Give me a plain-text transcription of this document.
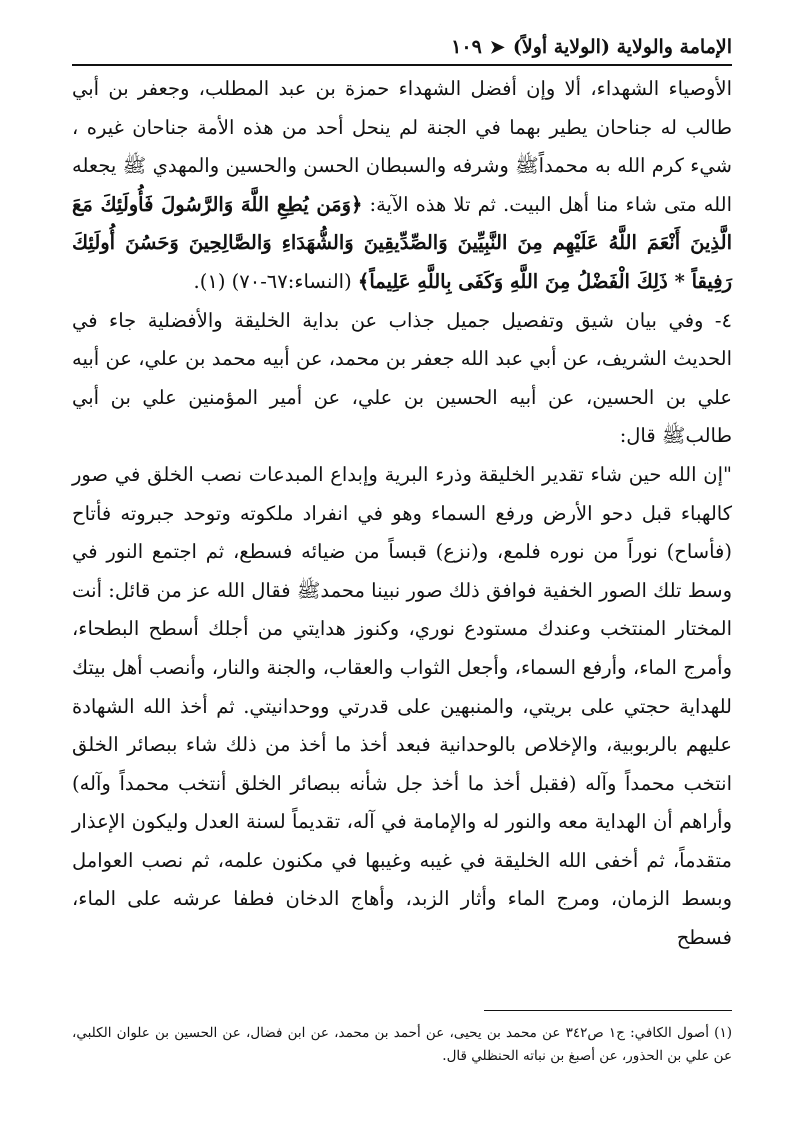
الإمامة والولاية (الولاية أولاً)
➤
١٠٩

الأوصياء الشهداء، ألا وإن أفضل الشهداء حمزة بن عبد المطلب، وجعفر بن أبي طالب له جناحان يطير بهما في الجنة لم ينحل أحد من هذه الأمة جناحان غيره ، شيء كرم الله به محمداًﷺ وشرفه والسبطان الحسن والحسين والمهدي ﷺ يجعله الله متى شاء منا أهل البيت. ثم تلا هذه الآية: ﴿وَمَن يُطِعِ اللَّهَ وَالرَّسُولَ فَأُولَئِكَ مَعَ الَّذِينَ أَنْعَمَ اللَّهُ عَلَيْهِم مِنَ النَّبِيِّينَ وَالصِّدِّيقِينَ وَالشُّهَدَاءِ وَالصَّالِحِينَ وَحَسُنَ أُولَئِكَ رَفِيقاً * ذَلِكَ الْفَضْلُ مِنَ اللَّهِ وَكَفَى بِاللَّهِ عَلِيماً﴾ (النساء:٦٧-٧٠) (١).

٤- وفي بيان شيق وتفصيل جميل جذاب عن بداية الخليقة والأفضلية جاء في الحديث الشريف، عن أبي عبد الله جعفر بن محمد، عن أبيه محمد بن علي، عن أبيه علي بن الحسين، عن أبيه الحسين بن علي، عن أمير المؤمنين علي بن أبي طالبﷺ قال:

"إن الله حين شاء تقدير الخليقة وذرء البرية وإبداع المبدعات نصب الخلق في صور كالهباء قبل دحو الأرض ورفع السماء وهو في انفراد ملكوته وتوحد جبروته فأتاح (فأساح) نوراً من نوره فلمع، و(نزع) قبساً من ضيائه فسطع، ثم اجتمع النور في وسط تلك الصور الخفية فوافق ذلك صور نبينا محمدﷺ فقال الله عز من قائل: أنت المختار المنتخب وعندك مستودع نوري، وكنوز هدايتي من أجلك أسطح البطحاء، وأمرج الماء، وأرفع السماء، وأجعل الثواب والعقاب، والجنة والنار، وأنصب أهل بيتك للهداية حجتي على بريتي، والمنبهين على قدرتي ووحدانيتي. ثم أخذ الله الشهادة عليهم بالربوبية، والإخلاص بالوحدانية فبعد أخذ ما أخذ من ذلك شاء ببصائر الخلق انتخب محمداً وآله (فقبل أخذ ما أخذ جل شأنه ببصائر الخلق أنتخب محمداً وآله) وأراهم أن الهداية معه والنور له والإمامة في آله، تقديماً لسنة العدل وليكون الإعذار متقدماً، ثم أخفى الله الخليقة في غيبه وغيبها في مكنون علمه، ثم نصب العوامل وبسط الزمان، ومرج الماء وأثار الزبد، وأهاج الدخان فطفا عرشه على الماء، فسطح

(١) أصول الكافي: ج١ ص٣٤٢ عن محمد بن يحيى، عن أحمد بن محمد، عن ابن فضال، عن الحسين بن علوان الكلبي، عن علي بن الحذور، عن أصبغ بن نباته الحنظلي قال.
